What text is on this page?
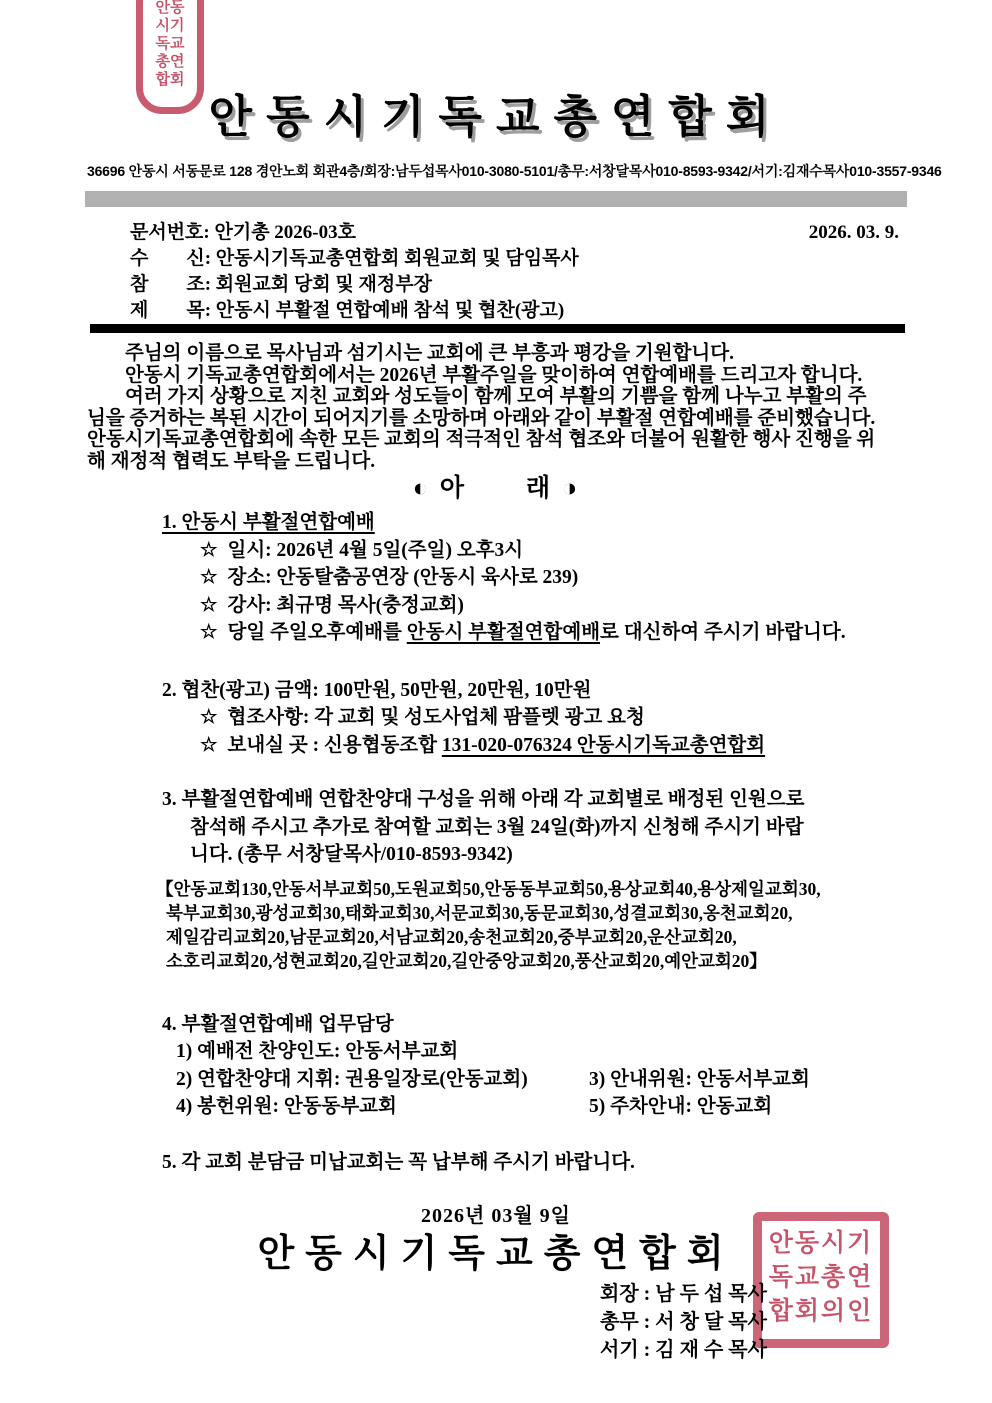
안동시기독교총연합회
안동시기독교총연합회
36696 안동시 서동문로 128 경안노회 회관4층/회장:남두섭목사010-3080-5101/총무:서창달목사010-8593-9342/서기:김재수목사010-3557-9346
문서번호: 안기총 2026-03호	2026. 03. 9.
수　　신: 안동시기독교총연합회 회원교회 및 담임목사
참　　조: 회원교회 당회 및 재정부장
제　　목: 안동시 부활절 연합예배 참석 및 협찬(광고)
주님의 이름으로 목사님과 섬기시는 교회에 큰 부흥과 평강을 기원합니다.
안동시 기독교총연합회에서는 2026년 부활주일을 맞이하여 연합예배를 드리고자 합니다.
여러 가지 상황으로 지친 교회와 성도들이 함께 모여 부활의 기쁨을 함께 나누고 부활의 주
님을 증거하는 복된 시간이 되어지기를 소망하며 아래와 같이 부활절 연합예배를 준비했습니다.
안동시기독교총연합회에 속한 모든 교회의 적극적인 참석 협조와 더불어 원활한 행사 진행을 위
해 재정적 협력도 부탁을 드립니다.
◐ 아 래 ◑
1. 안동시 부활절연합예배
☆ 일시: 2026년 4월 5일(주일) 오후3시
☆ 장소: 안동탈춤공연장 (안동시 육사로 239)
☆ 강사: 최규명 목사(충정교회)
☆ 당일 주일오후예배를 안동시 부활절연합예배로 대신하여 주시기 바랍니다.
2. 협찬(광고) 금액: 100만원, 50만원, 20만원, 10만원
☆ 협조사항: 각 교회 및 성도사업체 팜플렛 광고 요청
☆ 보내실 곳 : 신용협동조합 131-020-076324 안동시기독교총연합회
3. 부활절연합예배 연합찬양대 구성을 위해 아래 각 교회별로 배정된 인원으로
참석해 주시고 추가로 참여할 교회는 3월 24일(화)까지 신청해 주시기 바랍
니다. (총무 서창달목사/010-8593-9342)
【안동교회130,안동서부교회50,도원교회50,안동동부교회50,용상교회40,용상제일교회30,
북부교회30,광성교회30,태화교회30,서문교회30,동문교회30,성결교회30,옹천교회20,
제일감리교회20,남문교회20,서남교회20,송천교회20,중부교회20,운산교회20,
소호리교회20,성현교회20,길안교회20,길안중앙교회20,풍산교회20,예안교회20】
4. 부활절연합예배 업무담당
1) 예배전 찬양인도: 안동서부교회
2) 연합찬양대 지휘: 권용일장로(안동교회)	3) 안내위원: 안동서부교회
4) 봉헌위원: 안동동부교회	5) 주차안내: 안동교회
5. 각 교회 분담금 미납교회는 꼭 납부해 주시기 바랍니다.
2026년 03월 9일
안동시기독교총연합회
회장 : 남 두 섭 목사
총무 : 서 창 달 목사
서기 : 김 재 수 목사
안동시기독교총연합회의인
